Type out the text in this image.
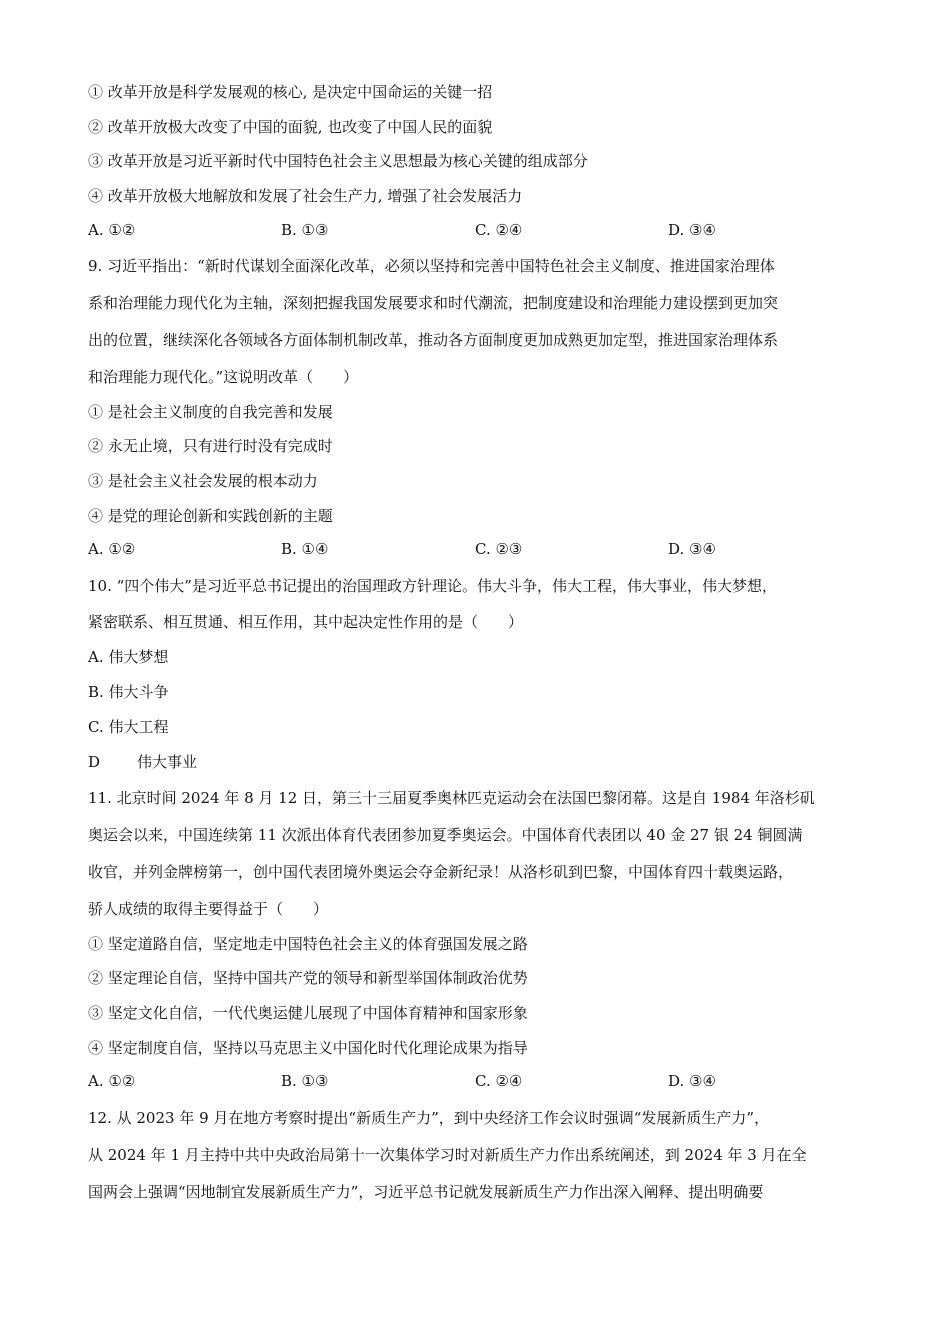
① 改革开放是科学发展观的核心, 是决定中国命运的关键一招
② 改革开放极大改变了中国的面貌, 也改变了中国人民的面貌
③ 改革开放是习近平新时代中国特色社会主义思想最为核心关键的组成部分
④ 改革开放极大地解放和发展了社会生产力, 增强了社会发展活力
A. ①②	B. ①③	C. ②④	D. ③④
9. 习近平指出：“新时代谋划全面深化改革，必须以坚持和完善中国特色社会主义制度、推进国家治理体
系和治理能力现代化为主轴，深刻把握我国发展要求和时代潮流，把制度建设和治理能力建设摆到更加突
出的位置，继续深化各领域各方面体制机制改革，推动各方面制度更加成熟更加定型，推进国家治理体系
和治理能力现代化。”这说明改革（　　）
① 是社会主义制度的自我完善和发展
② 永无止境，只有进行时没有完成时
③ 是社会主义社会发展的根本动力
④ 是党的理论创新和实践创新的主题
A. ①②	B. ①④	C. ②③	D. ③④
10. “四个伟大”是习近平总书记提出的治国理政方针理论。伟大斗争，伟大工程，伟大事业，伟大梦想，
紧密联系、相互贯通、相互作用，其中起决定性作用的是（　　）
A. 伟大梦想
B. 伟大斗争
C. 伟大工程
D 伟大事业
11. 北京时间 2024 年 8 月 12 日，第三十三届夏季奥林匹克运动会在法国巴黎闭幕。这是自 1984 年洛杉矶
奥运会以来，中国连续第 11 次派出体育代表团参加夏季奥运会。中国体育代表团以 40 金 27 银 24 铜圆满
收官，并列金牌榜第一，创中国代表团境外奥运会夺金新纪录！从洛杉矶到巴黎，中国体育四十载奥运路，
骄人成绩的取得主要得益于（　　）
① 坚定道路自信，坚定地走中国特色社会主义的体育强国发展之路
② 坚定理论自信，坚持中国共产党的领导和新型举国体制政治优势
③ 坚定文化自信，一代代奥运健儿展现了中国体育精神和国家形象
④ 坚定制度自信，坚持以马克思主义中国化时代化理论成果为指导
A. ①②	B. ①③	C. ②④	D. ③④
12. 从 2023 年 9 月在地方考察时提出“新质生产力”，到中央经济工作会议时强调“发展新质生产力”，
从 2024 年 1 月主持中共中央政治局第十一次集体学习时对新质生产力作出系统阐述，到 2024 年 3 月在全
国两会上强调“因地制宜发展新质生产力”，习近平总书记就发展新质生产力作出深入阐释、提出明确要
